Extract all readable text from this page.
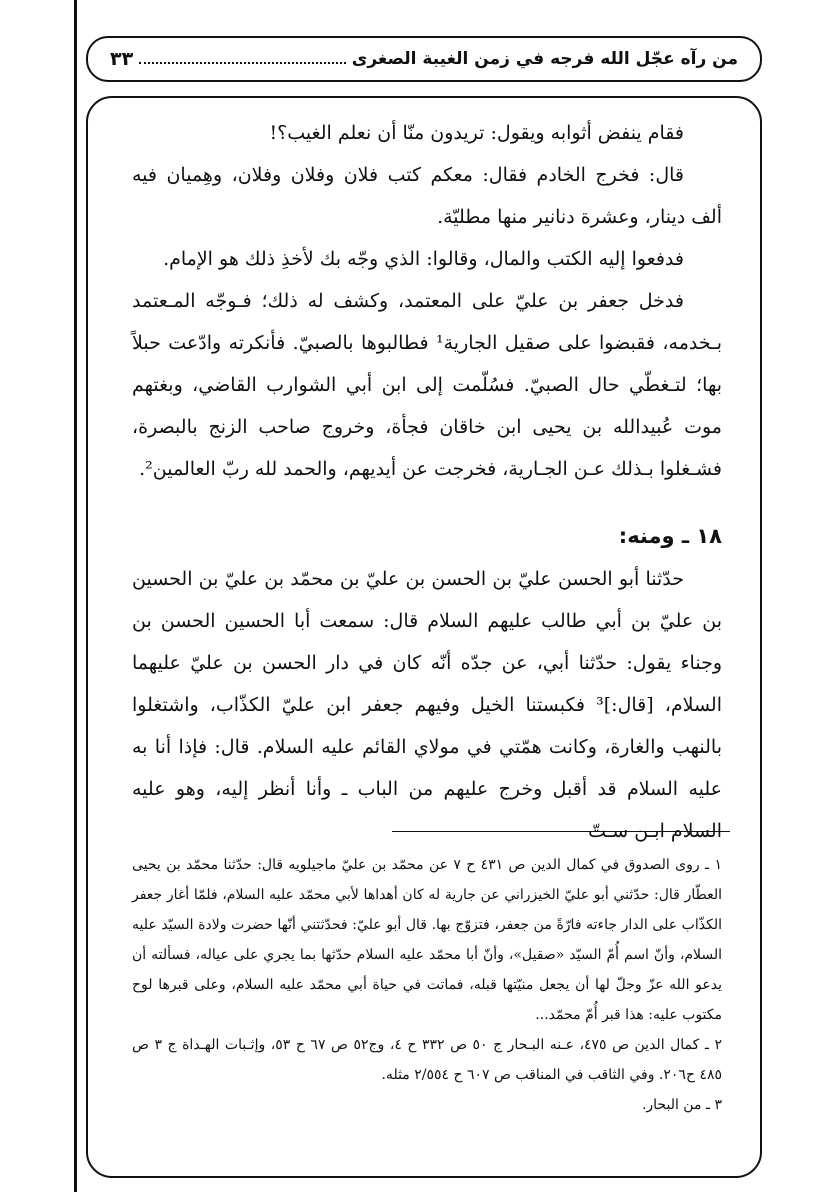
من رآه عجّل الله فرجه في زمن الغيبة الصغرى
٣٣

فقام ينفض أثوابه ويقول: تريدون منّا أن نعلم الغيب؟!

قال: فخرج الخادم فقال: معكم كتب فلان وفلان وفلان، وهِميان فيه ألف دينار، وعشرة دنانير منها مطليّة.

فدفعوا إليه الكتب والمال، وقالوا: الذي وجّه بك لأخذِ ذلك هو الإمام.

فدخل جعفر بن عليّ على المعتمد، وكشف له ذلك؛ فـوجّه المـعتمد بـخدمه، فقبضوا على صقيل الجارية¹ فطالبوها بالصبيّ. فأنكرته وادّعت حبلاً بها؛ لتـغطّي حال الصبيّ. فسُلّمت إلى ابن أبي الشوارب القاضي، وبغتهم موت عُبيدالله بن يحيى ابن خاقان فجأة، وخروج صاحب الزنج بالبصرة، فشـغلوا بـذلك عـن الجـارية، فخرجت عن أيديهم، والحمد لله ربّ العالمين².

١٨ ـ ومنه:

حدّثنا أبو الحسن عليّ بن الحسن بن عليّ بن محمّد بن عليّ بن الحسين بن عليّ بن أبي طالب عليهم السلام قال: سمعت أبا الحسين الحسن بن وجناء يقول: حدّثنا أبي، عن جدّه أنّه كان في دار الحسن بن عليّ عليهما السلام، [قال:]³ فكبستنا الخيل وفيهم جعفر ابن عليّ الكذّاب، واشتغلوا بالنهب والغارة، وكانت همّتي في مولاي القائم عليه السلام. قال: فإذا أنا به عليه السلام قد أقبل وخرج عليهم من الباب ـ وأنا أنظر إليه، وهو عليه السلام ابـن سـتّ

١ ـ روى الصدوق في كمال الدين ص ٤٣١ ح ٧ عن محمّد بن عليّ ماجيلويه قال: حدّثنا محمّد بن يحيى العطّار قال: حدّثني أبو عليّ الخيزراني عن جارية له كان أهداها لأبي محمّد عليه السلام، فلمّا أغار جعفر الكذّاب على الدار جاءته فارّةً من جعفر، فتزوّج بها. قال أبو عليّ: فحدّثتني أنّها حضرت ولادة السيّد عليه السلام، وأنّ اسم أُمّ السيّد «صقيل»، وأنّ أبا محمّد عليه السلام حدّثها بما يجري على عياله، فسألته أن يدعو الله عزّ وجلّ لها أن يجعل منيّتها قبله، فماتت في حياة أبي محمّد عليه السلام، وعلى قبرها لوح مكتوب عليه: هذا قبر أُمّ محمّد...

٢ ـ كمال الدين ص ٤٧٥، عـنه البـحار ج ٥٠ ص ٣٣٢ ح ٤، وج٥٢ ص ٦٧ ح ٥٣، وإثـبات الهـداة ج ٣ ص ٤٨٥ ح٢٠٦. وفي الثاقب في المناقب ص ٦٠٧ ح ٢/٥٥٤ مثله.

٣ ـ من البحار.
